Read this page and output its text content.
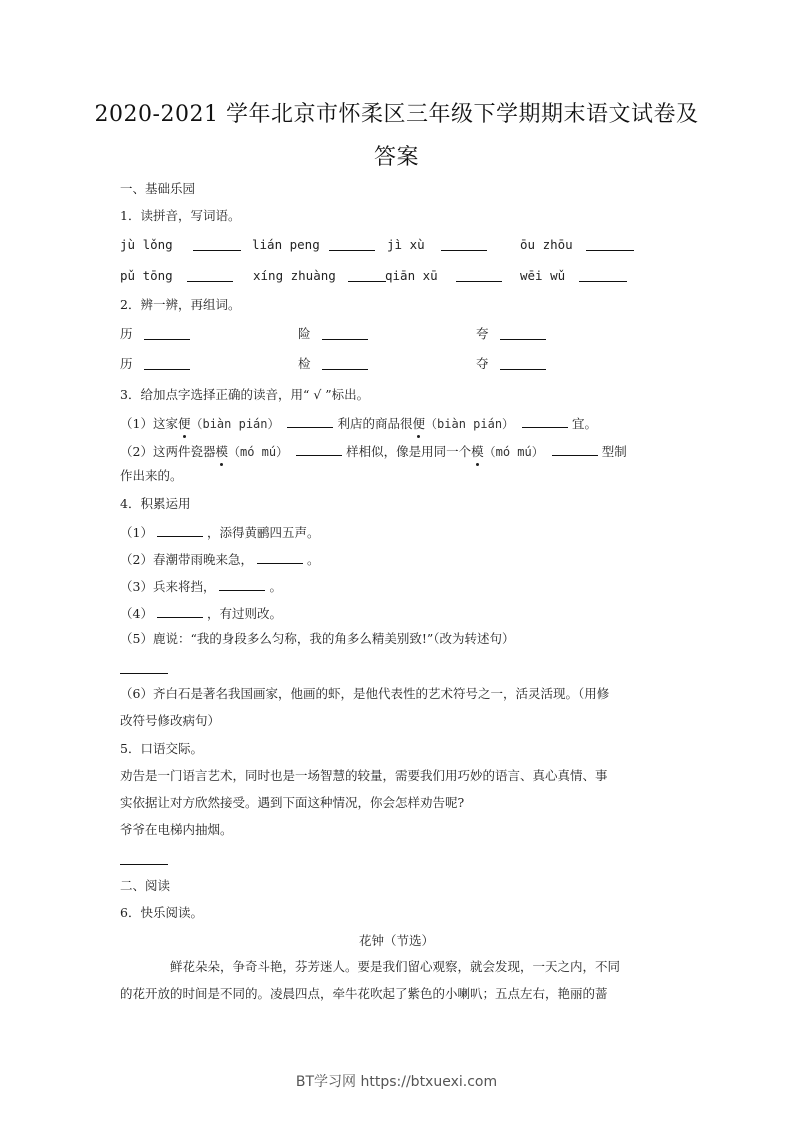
2020-2021 学年北京市怀柔区三年级下学期期末语文试卷及
答案
一、基础乐园
1．读拼音，写词语。
jù lǒng	lián peng	jì xù	ōu zhōu
pǔ tōng	xíng zhuàng	qiān xū	wēi wǔ
2．辨一辨，再组词。
历	险	夸
历	检	夺
3．给加点字选择正确的读音，用“ √ ”标出。
（1）这家便（biàn pián）	利店的商品很便（biàn pián）	宜。
（2）这两件瓷器模（mó mú）	样相似，像是用同一个模（mó mú）	型制
作出来的。
4．积累运用
（1）	，添得黄鹂四五声。
（2）春潮带雨晚来急，	。
（3）兵来将挡，	。
（4）	，有过则改。
（5）鹿说：“我的身段多么匀称，我的角多么精美别致!”（改为转述句）
（6）齐白石是著名我国画家，他画的虾，是他代表性的艺术符号之一，活灵活现。（用修
改符号修改病句）
5．口语交际。
劝告是一门语言艺术，同时也是一场智慧的较量，需要我们用巧妙的语言、真心真情、事
实依据让对方欣然接受。遇到下面这种情况，你会怎样劝告呢?
爷爷在电梯内抽烟。
二、阅读
6．快乐阅读。
花钟（节选）
鲜花朵朵，争奇斗艳，芬芳迷人。要是我们留心观察，就会发现，一天之内，不同
的花开放的时间是不同的。凌晨四点，牵牛花吹起了紫色的小喇叭；五点左右，艳丽的蔷
BT学习网 https://btxuexi.com
